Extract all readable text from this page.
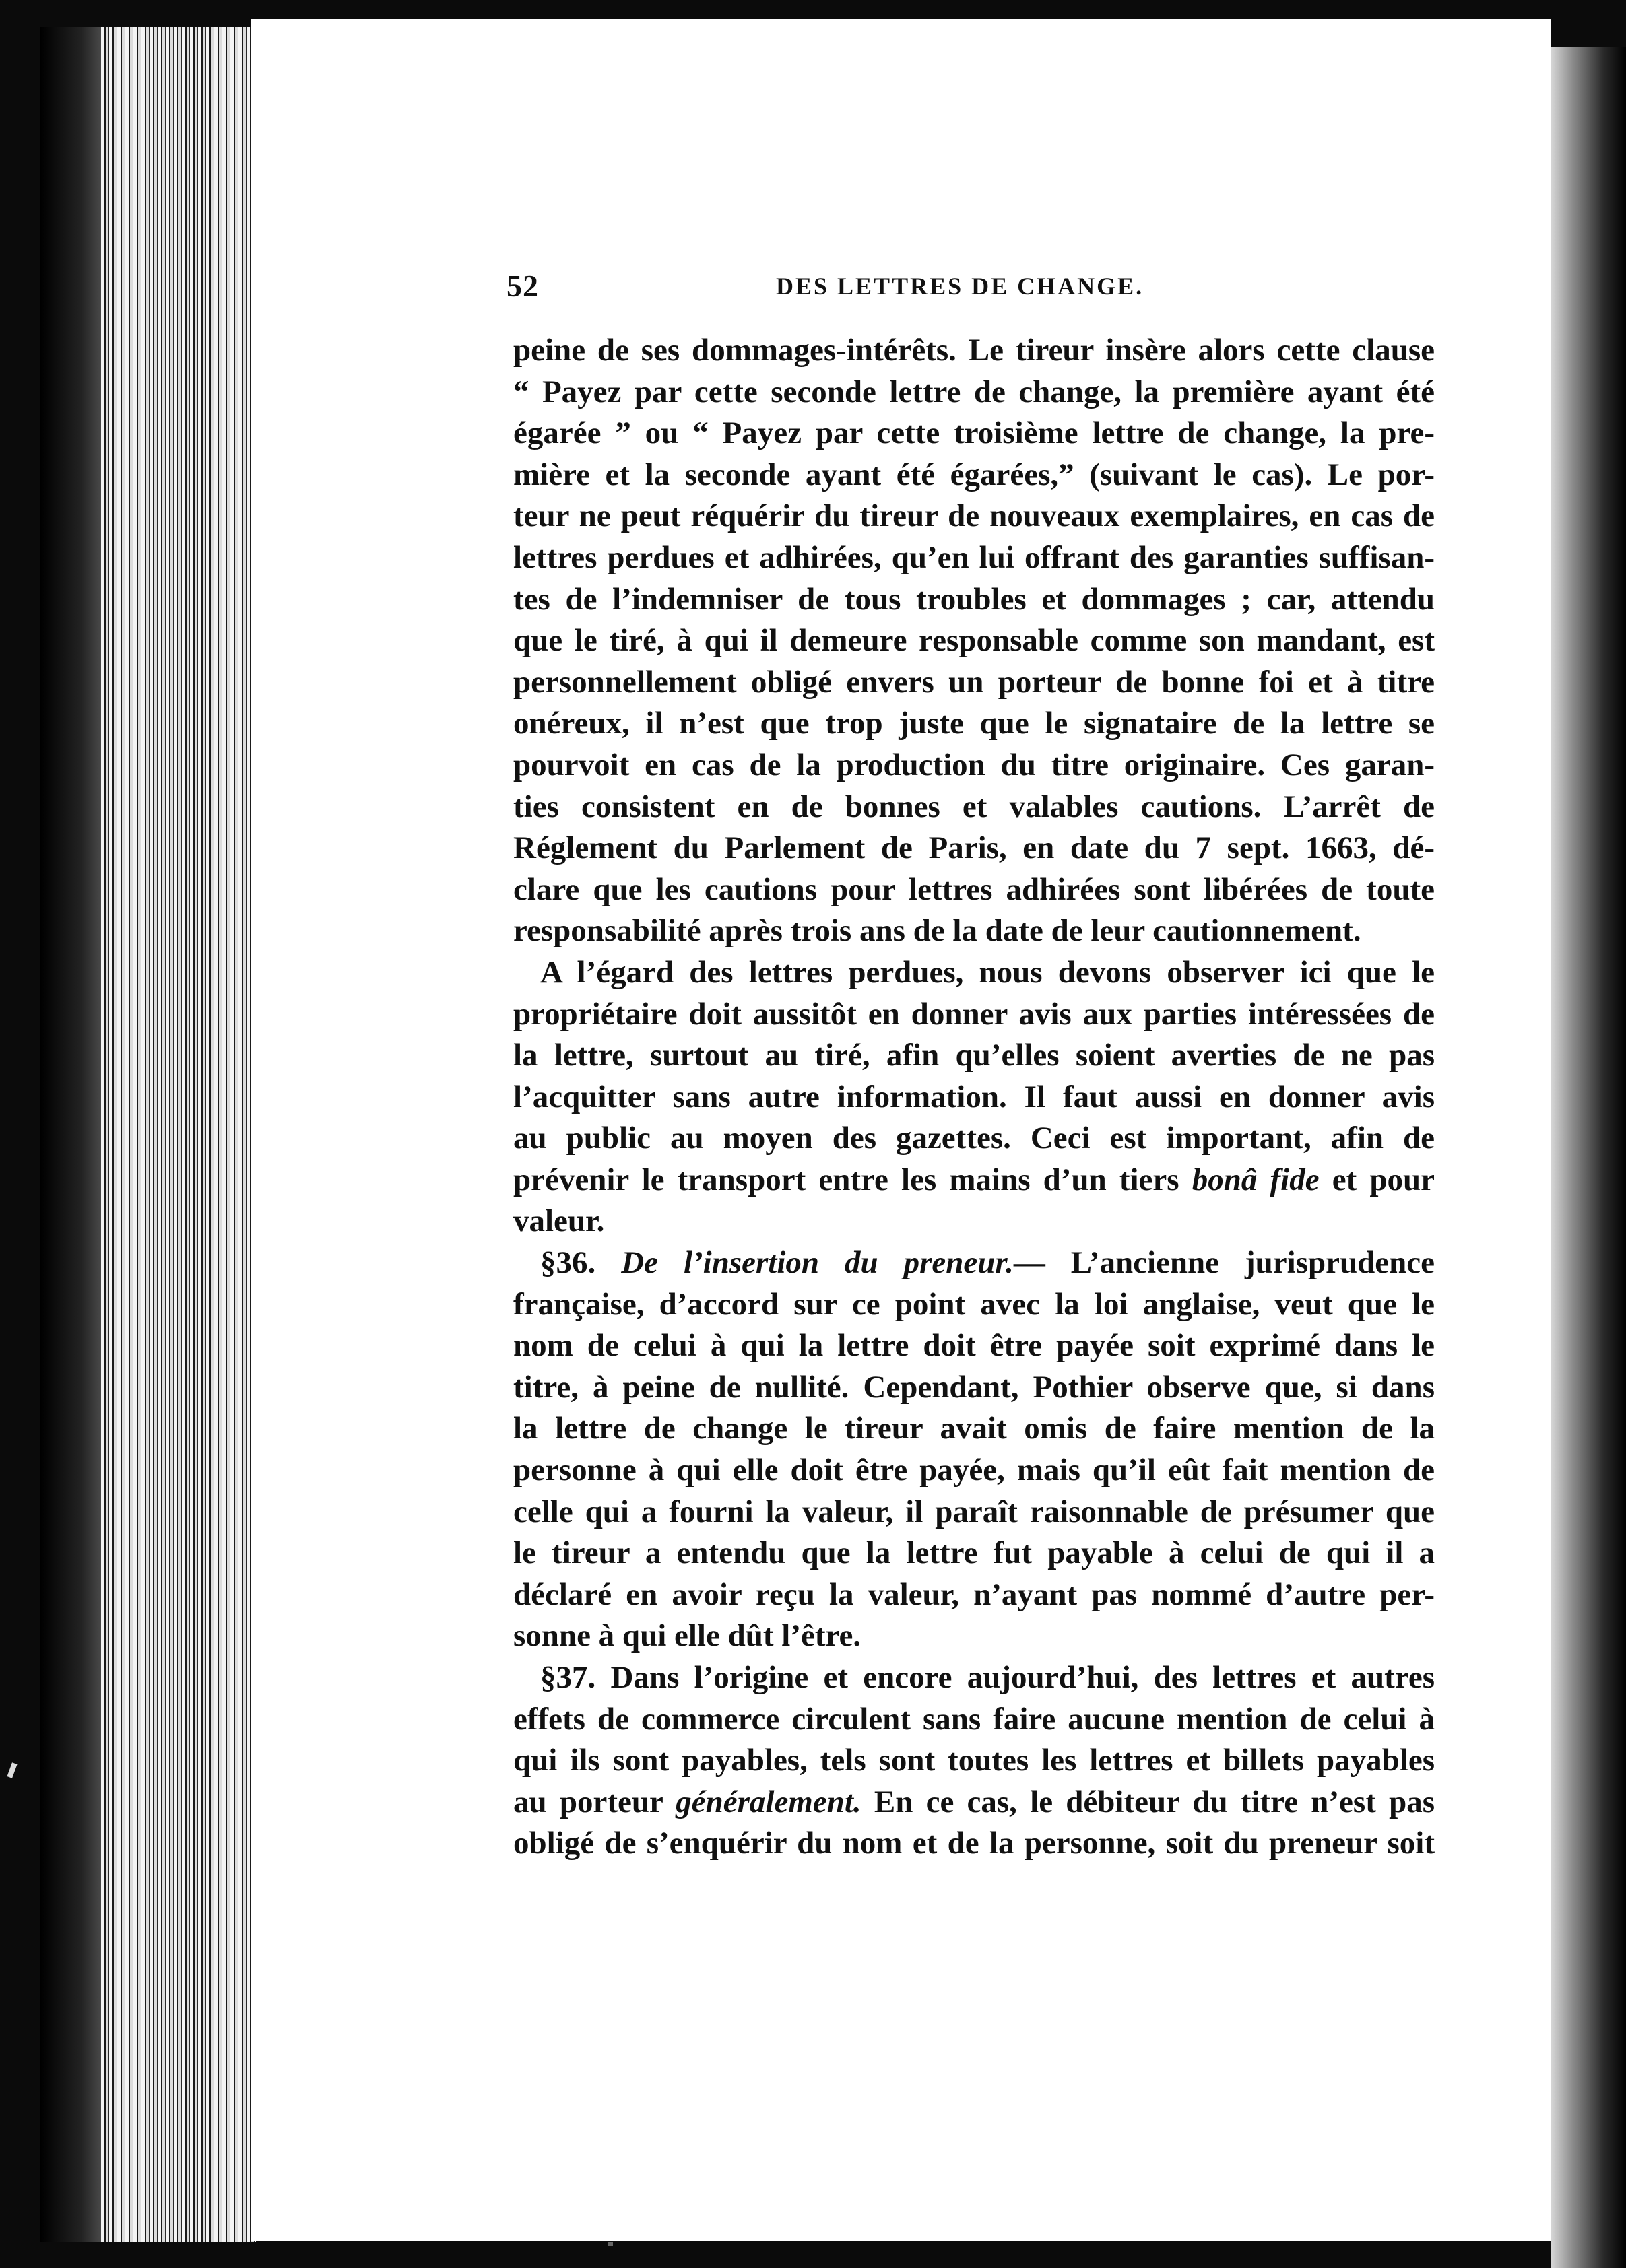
52	DES LETTRES DE CHANGE.
peine de ses dommages-intérêts. Le tireur insère alors cette clause
“ Payez par cette seconde lettre de change, la première ayant été
égarée ” ou “ Payez par cette troisième lettre de change, la pre-
mière et la seconde ayant été égarées,” (suivant le cas). Le por-
teur ne peut réquérir du tireur de nouveaux exemplaires, en cas de
lettres perdues et adhirées, qu’en lui offrant des garanties suffisan-
tes de l’indemniser de tous troubles et dommages ; car, attendu
que le tiré, à qui il demeure responsable comme son mandant, est
personnellement obligé envers un porteur de bonne foi et à titre
onéreux, il n’est que trop juste que le signataire de la lettre se
pourvoit en cas de la production du titre originaire. Ces garan-
ties consistent en de bonnes et valables cautions. L’arrêt de
Réglement du Parlement de Paris, en date du 7 sept. 1663, dé-
clare que les cautions pour lettres adhirées sont libérées de toute
responsabilité après trois ans de la date de leur cautionnement.
A l’égard des lettres perdues, nous devons observer ici que le
propriétaire doit aussitôt en donner avis aux parties intéressées de
la lettre, surtout au tiré, afin qu’elles soient averties de ne pas
l’acquitter sans autre information. Il faut aussi en donner avis
au public au moyen des gazettes. Ceci est important, afin de
prévenir le transport entre les mains d’un tiers bonâ fide et pour
valeur.
§36. De l’insertion du preneur.— L’ancienne jurisprudence
française, d’accord sur ce point avec la loi anglaise, veut que le
nom de celui à qui la lettre doit être payée soit exprimé dans le
titre, à peine de nullité. Cependant, Pothier observe que, si dans
la lettre de change le tireur avait omis de faire mention de la
personne à qui elle doit être payée, mais qu’il eût fait mention de
celle qui a fourni la valeur, il paraît raisonnable de présumer que
le tireur a entendu que la lettre fut payable à celui de qui il a
déclaré en avoir reçu la valeur, n’ayant pas nommé d’autre per-
sonne à qui elle dût l’être.
§37. Dans l’origine et encore aujourd’hui, des lettres et autres
effets de commerce circulent sans faire aucune mention de celui à
qui ils sont payables, tels sont toutes les lettres et billets payables
au porteur généralement. En ce cas, le débiteur du titre n’est pas
obligé de s’enquérir du nom et de la personne, soit du preneur soit
